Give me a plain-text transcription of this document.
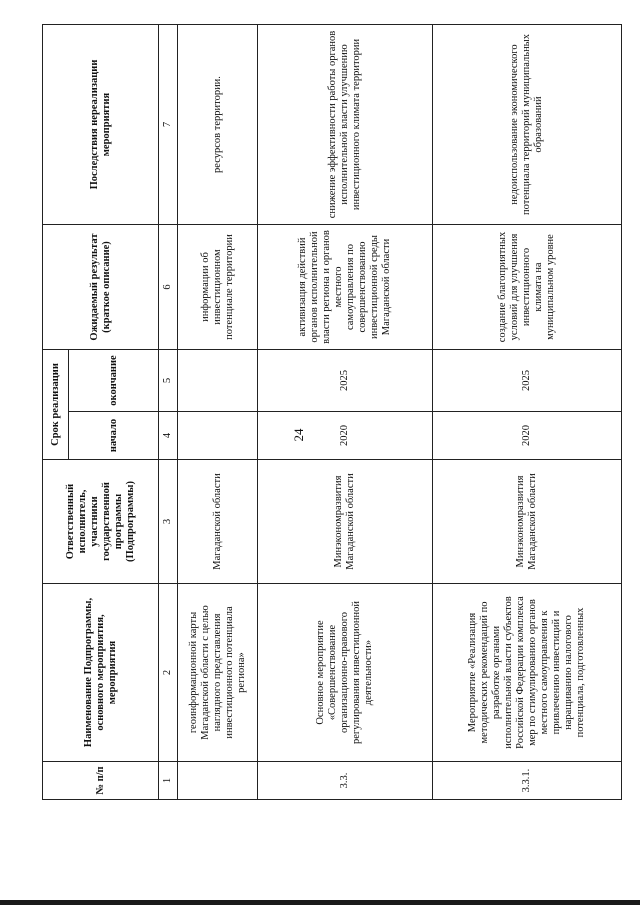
24
№ п/п	Наименование Подпрограммы, основного мероприятия, мероприятия	Ответственный исполнитель, участники государственной программы (Подпрограммы)	Срок реализации		Ожидаемый результат (краткое описание)	Последствия нереализации мероприятия
			начало	окончание		
1	2	3	4	5	6	7
	геоинформационной карты Магаданской области с целью наглядного представления инвестиционного потенциала региона»	Магаданской области			информации об инвестиционном потенциале территории	ресурсов территории.
3.3.	Основное мероприятие «Совершенствование организационно-правового регулирования инвестиционной деятельности»	Минэкономразвития Магаданской области	2020	2025	активизация действий органов исполнительной власти региона и органов местного самоуправления по совершенствованию инвестиционной среды Магаданской области	снижение эффективности работы органов исполнительной власти улучшению инвестиционного климата территории
3.3.1.	Мероприятие «Реализация методических рекомендаций по разработке органами исполнительной власти субъектов Российской Федерации комплекса мер по стимулированию органов местного самоуправления к привлечению инвестиций и наращиванию налогового потенциала, подготовленных	Минэкономразвития Магаданской области	2020	2025	создание благоприятных условий для улучшения инвестиционного климата на муниципальном уровне	недоиспользование экономического потенциала территорий муниципальных образований
